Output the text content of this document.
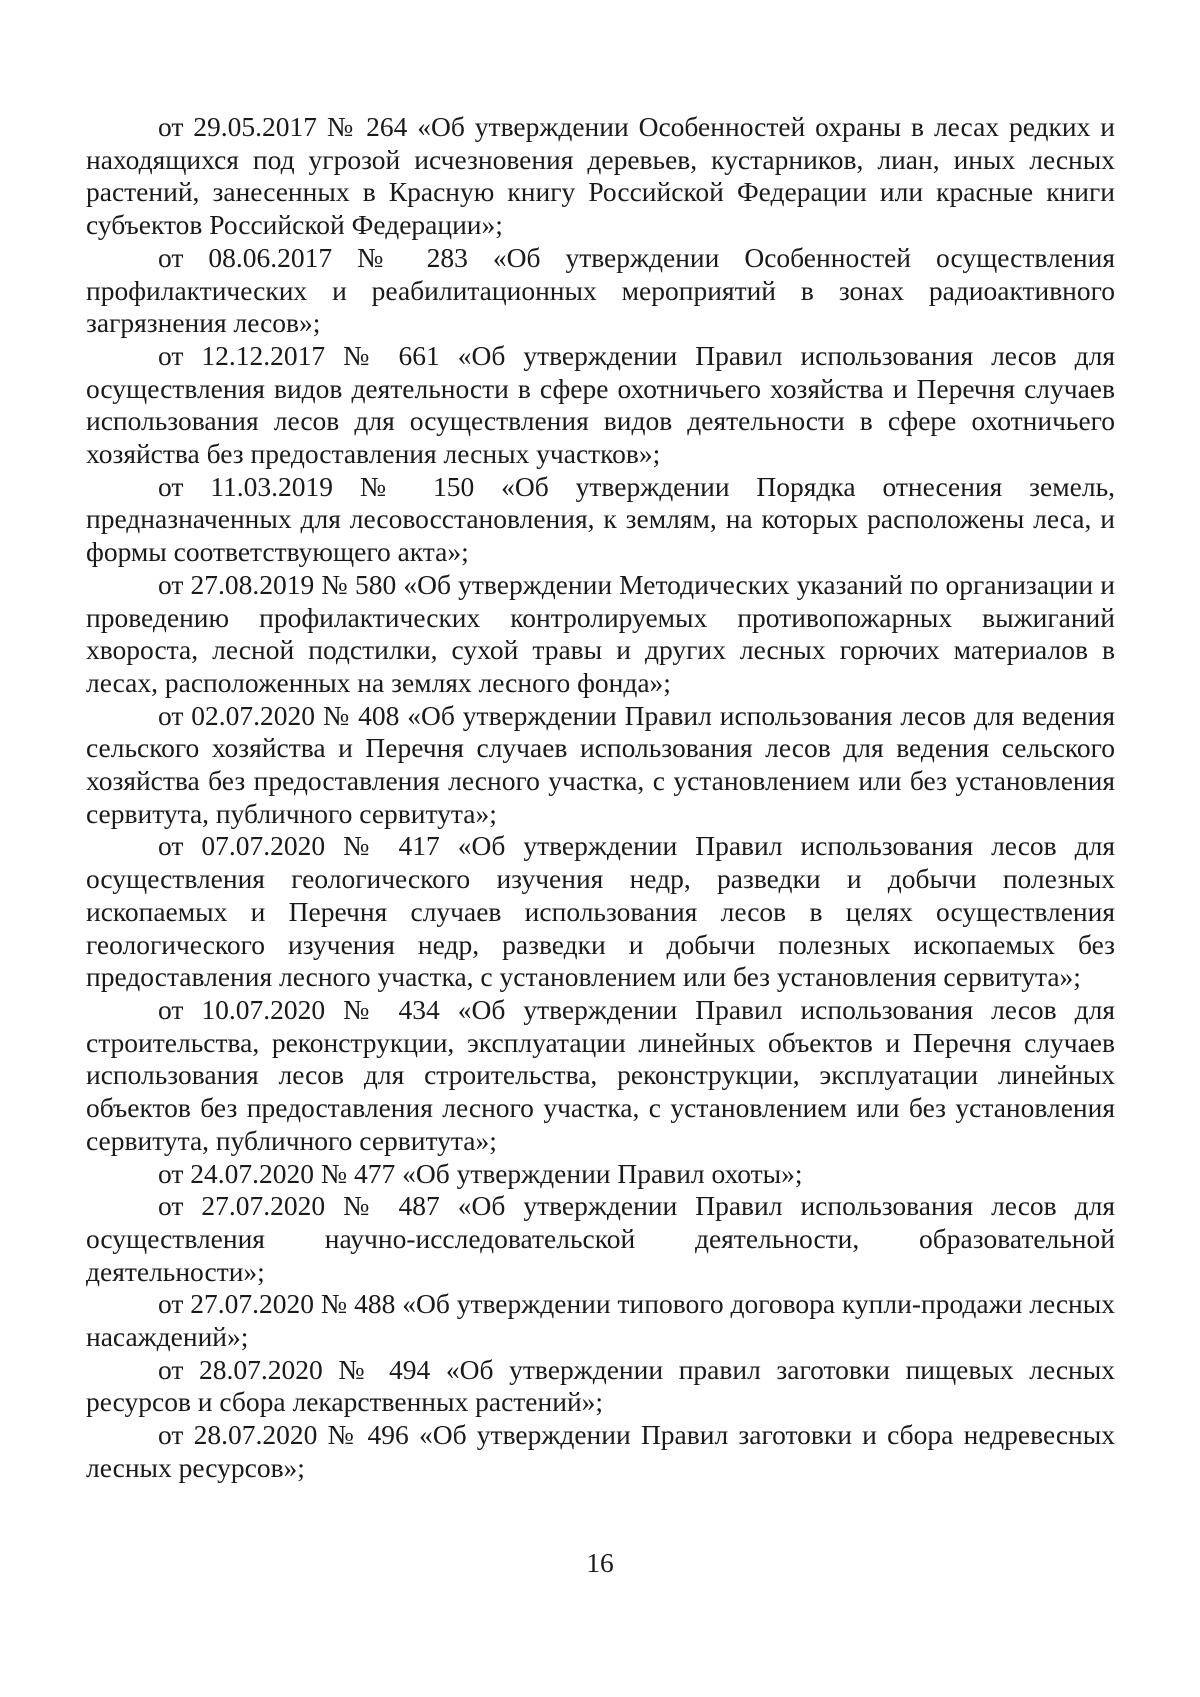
от 29.05.2017 № 264 «Об утверждении Особенностей охраны в лесах редких и находящихся под угрозой исчезновения деревьев, кустарников, лиан, иных лесных растений, занесенных в Красную книгу Российской Федерации или красные книги субъектов Российской Федерации»;

от 08.06.2017 № 283 «Об утверждении Особенностей осуществления профилактических и реабилитационных мероприятий в зонах радиоактивного загрязнения лесов»;

от 12.12.2017 № 661 «Об утверждении Правил использования лесов для осуществления видов деятельности в сфере охотничьего хозяйства и Перечня случаев использования лесов для осуществления видов деятельности в сфере охотничьего хозяйства без предоставления лесных участков»;

от 11.03.2019 № 150 «Об утверждении Порядка отнесения земель, предназначенных для лесовосстановления, к землям, на которых расположены леса, и формы соответствующего акта»;

от 27.08.2019 № 580 «Об утверждении Методических указаний по организации и проведению профилактических контролируемых противопожарных выжиганий хвороста, лесной подстилки, сухой травы и других лесных горючих материалов в лесах, расположенных на землях лесного фонда»;

от 02.07.2020 № 408 «Об утверждении Правил использования лесов для ведения сельского хозяйства и Перечня случаев использования лесов для ведения сельского хозяйства без предоставления лесного участка, с установлением или без установления сервитута, публичного сервитута»;

от 07.07.2020 № 417 «Об утверждении Правил использования лесов для осуществления геологического изучения недр, разведки и добычи полезных ископаемых и Перечня случаев использования лесов в целях осуществления геологического изучения недр, разведки и добычи полезных ископаемых без предоставления лесного участка, с установлением или без установления сервитута»;

от 10.07.2020 № 434 «Об утверждении Правил использования лесов для строительства, реконструкции, эксплуатации линейных объектов и Перечня случаев использования лесов для строительства, реконструкции, эксплуатации линейных объектов без предоставления лесного участка, с установлением или без установления сервитута, публичного сервитута»;

от 24.07.2020 № 477 «Об утверждении Правил охоты»;

от 27.07.2020 № 487 «Об утверждении Правил использования лесов для осуществления научно-исследовательской деятельности, образовательной деятельности»;

от 27.07.2020 № 488 «Об утверждении типового договора купли-продажи лесных насаждений»;

от 28.07.2020 № 494 «Об утверждении правил заготовки пищевых лесных ресурсов и сбора лекарственных растений»;

от 28.07.2020 № 496 «Об утверждении Правил заготовки и сбора недревесных лесных ресурсов»;

16
